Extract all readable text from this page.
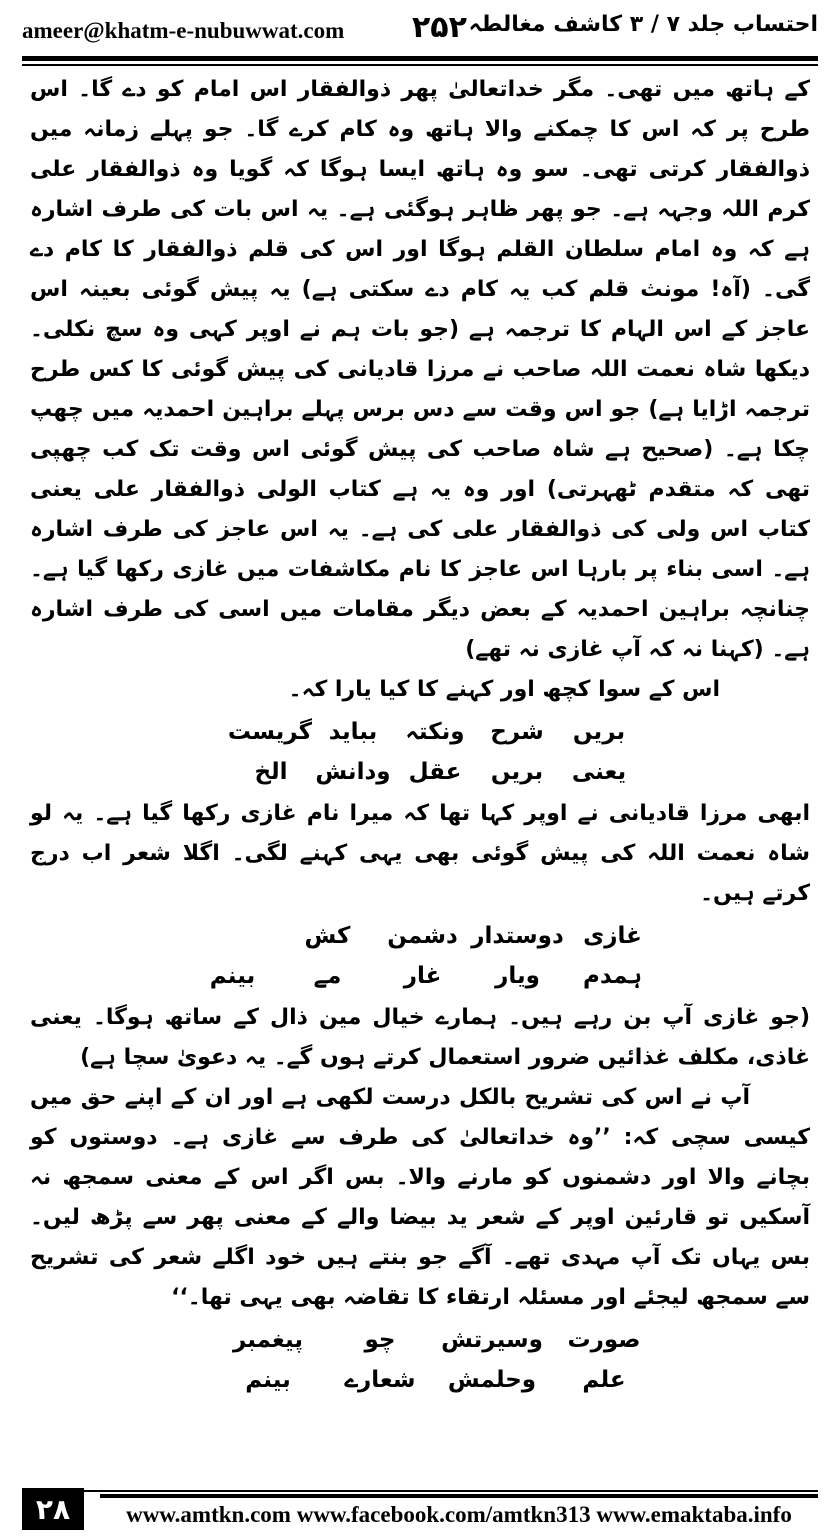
ameer@khatm-e-nubuwwat.com ۲۵۲ احتساب جلد ۷ / ۳ کاشف مغالطہ

کے ہاتھ میں تھی۔ مگر خداتعالیٰ پھر ذوالفقار اس امام کو دے گا۔ اس طرح پر کہ اس کا چمکنے والا ہاتھ وہ کام کرے گا۔ جو پہلے زمانہ میں ذوالفقار کرتی تھی۔ سو وہ ہاتھ ایسا ہوگا کہ گویا وہ ذوالفقار علی کرم اللہ وجہہ ہے۔ جو پھر ظاہر ہوگئی ہے۔ یہ اس بات کی طرف اشارہ ہے کہ وہ امام سلطان القلم ہوگا اور اس کی قلم ذوالفقار کا کام دے گی۔ (آہ! مونث قلم کب یہ کام دے سکتی ہے) یہ پیش گوئی بعینہ اس عاجز کے اس الہام کا ترجمہ ہے (جو بات ہم نے اوپر کہی وہ سچ نکلی۔ دیکھا شاہ نعمت اللہ صاحب نے مرزا قادیانی کی پیش گوئی کا کس طرح ترجمہ اڑایا ہے) جو اس وقت سے دس برس پہلے براہین احمدیہ میں چھپ چکا ہے۔ (صحیح ہے شاہ صاحب کی پیش گوئی اس وقت تک کب چھپی تھی کہ متقدم ٹھہرتی) اور وہ یہ ہے کتاب الولی ذوالفقار علی یعنی کتاب اس ولی کی ذوالفقار علی کی ہے۔ یہ اس عاجز کی طرف اشارہ ہے۔ اسی بناء پر بارہا اس عاجز کا نام مکاشفات میں غازی رکھا گیا ہے۔ چنانچہ براہین احمدیہ کے بعض دیگر مقامات میں اسی کی طرف اشارہ ہے۔ (کہنا نہ کہ آپ غازی نہ تھے)

اس کے سوا کچھ اور کہنے کا کیا یارا کہ۔

بریں
شرح
ونکتہ
بباید
گریست
یعنی
بریں
عقل
ودانش
الخ

ابھی مرزا قادیانی نے اوپر کہا تھا کہ میرا نام غازی رکھا گیا ہے۔ یہ لو شاہ نعمت اللہ کی پیش گوئی بھی یہی کہنے لگی۔ اگلا شعر اب درج کرتے ہیں۔

غازی
دوستدار
دشمن
کش
ہمدم
ویار
غار
مے
بینم

(جو غازی آپ بن رہے ہیں۔ ہمارے خیال مین ذال کے ساتھ ہوگا۔ یعنی غاذی، مکلف غذائیں ضرور استعمال کرتے ہوں گے۔ یہ دعویٰ سچا ہے)

آپ نے اس کی تشریح بالکل درست لکھی ہے اور ان کے اپنے حق میں کیسی سچی کہ: ’’وہ خداتعالیٰ کی طرف سے غازی ہے۔ دوستوں کو بچانے والا اور دشمنوں کو مارنے والا۔ بس اگر اس کے معنی سمجھ نہ آسکیں تو قارئین اوپر کے شعر ید بیضا والے کے معنی پھر سے پڑھ لیں۔ بس یہاں تک آپ مہدی تھے۔ آگے جو بنتے ہیں خود اگلے شعر کی تشریح سے سمجھ لیجئے اور مسئلہ ارتقاء کا تقاضہ بھی یہی تھا۔‘‘

صورت
وسیرتش
چو
پیغمبر
علم
وحلمش
شعارے
بینم
۲۸	www.amtkn.com www.facebook.com/amtkn313 www.emaktaba.info
